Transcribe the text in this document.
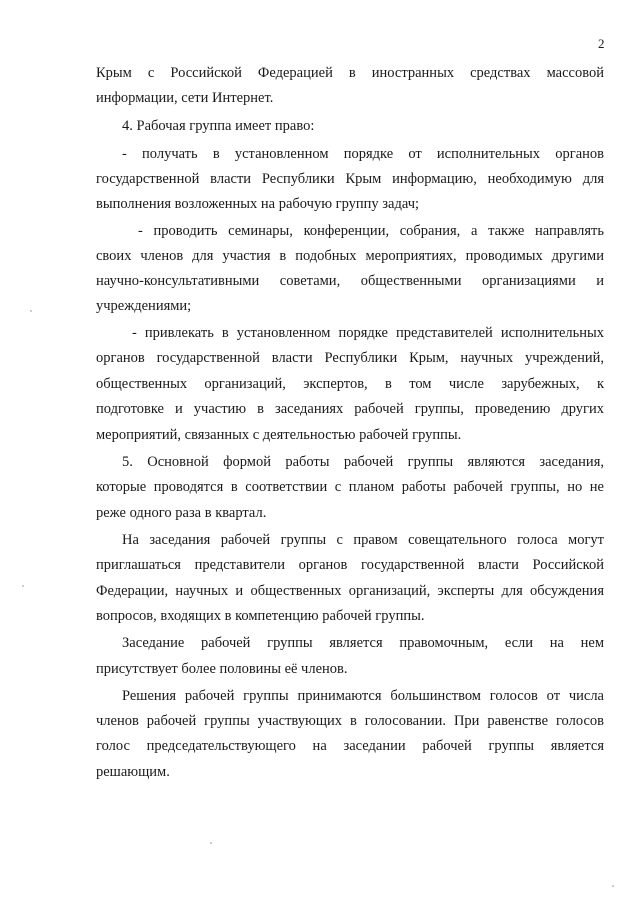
2
Крым с Российской Федерацией в иностранных средствах массовой
информации, сети Интернет.
4. Рабочая группа имеет право:
- получать в установленном порядке от исполнительных органов
государственной власти Республики Крым информацию, необходимую для
выполнения возложенных на рабочую группу задач;
- проводить семинары, конференции, собрания, а также направлять
своих членов для участия в подобных мероприятиях, проводимых другими
научно-консультативными советами, общественными организациями и
учреждениями;
- привлекать в установленном порядке представителей исполнительных
органов государственной власти Республики Крым, научных учреждений,
общественных организаций, экспертов, в том числе зарубежных, к
подготовке и участию в заседаниях рабочей группы, проведению других
мероприятий, связанных с деятельностью рабочей группы.
5. Основной формой работы рабочей группы являются заседания,
которые проводятся в соответствии с планом работы рабочей группы, но не
реже одного раза в квартал.
На заседания рабочей группы с правом совещательного голоса могут
приглашаться представители органов государственной власти Российской
Федерации, научных и общественных организаций, эксперты для обсуждения
вопросов, входящих в компетенцию рабочей группы.
Заседание рабочей группы является правомочным, если на нем
присутствует более половины её членов.
Решения рабочей группы принимаются большинством голосов от числа
членов рабочей группы участвующих в голосовании. При равенстве голосов
голос председательствующего на заседании рабочей группы является
решающим.
